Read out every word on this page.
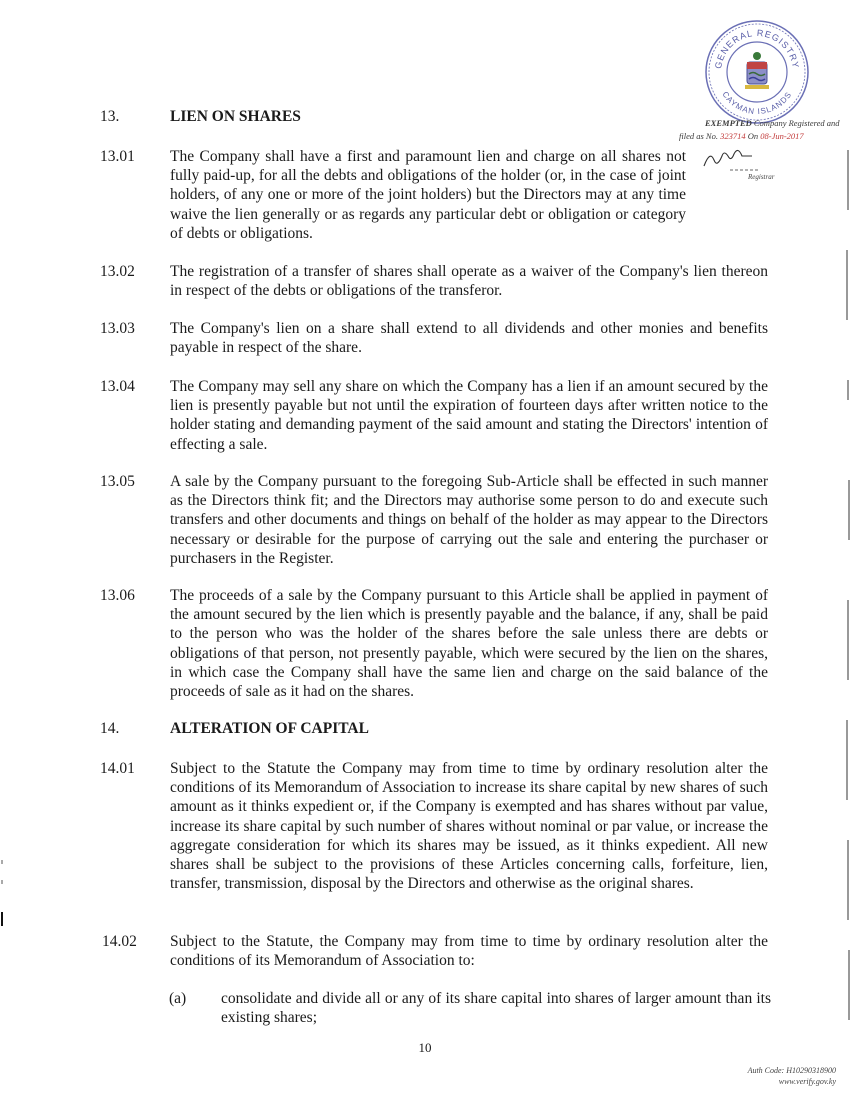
GENERAL REGISTRY
CAYMAN ISLANDS
EXEMPTED Company Registered and
filed as No. 323714 On 08-Jun-2017
Registrar
13.	LIEN ON SHARES
13.01 The Company shall have a first and paramount lien and charge on all shares not fully paid-up, for all the debts and obligations of the holder (or, in the case of joint holders, of any one or more of the joint holders) but the Directors may at any time waive the lien generally or as regards any particular debt or obligation or category of debts or obligations.
13.02 The registration of a transfer of shares shall operate as a waiver of the Company's lien thereon in respect of the debts or obligations of the transferor.
13.03 The Company's lien on a share shall extend to all dividends and other monies and benefits payable in respect of the share.
13.04 The Company may sell any share on which the Company has a lien if an amount secured by the lien is presently payable but not until the expiration of fourteen days after written notice to the holder stating and demanding payment of the said amount and stating the Directors' intention of effecting a sale.
13.05 A sale by the Company pursuant to the foregoing Sub-Article shall be effected in such manner as the Directors think fit; and the Directors may authorise some person to do and execute such transfers and other documents and things on behalf of the holder as may appear to the Directors necessary or desirable for the purpose of carrying out the sale and entering the purchaser or purchasers in the Register.
13.06 The proceeds of a sale by the Company pursuant to this Article shall be applied in payment of the amount secured by the lien which is presently payable and the balance, if any, shall be paid to the person who was the holder of the shares before the sale unless there are debts or obligations of that person, not presently payable, which were secured by the lien on the shares, in which case the Company shall have the same lien and charge on the said balance of the proceeds of sale as it had on the shares.
14.	ALTERATION OF CAPITAL
14.01 Subject to the Statute the Company may from time to time by ordinary resolution alter the conditions of its Memorandum of Association to increase its share capital by new shares of such amount as it thinks expedient or, if the Company is exempted and has shares without par value, increase its share capital by such number of shares without nominal or par value, or increase the aggregate consideration for which its shares may be issued, as it thinks expedient. All new shares shall be subject to the provisions of these Articles concerning calls, forfeiture, lien, transfer, transmission, disposal by the Directors and otherwise as the original shares.
14.02 Subject to the Statute, the Company may from time to time by ordinary resolution alter the conditions of its Memorandum of Association to:
(a) consolidate and divide all or any of its share capital into shares of larger amount than its existing shares;
10
Auth Code: H10290318900
www.verify.gov.ky
